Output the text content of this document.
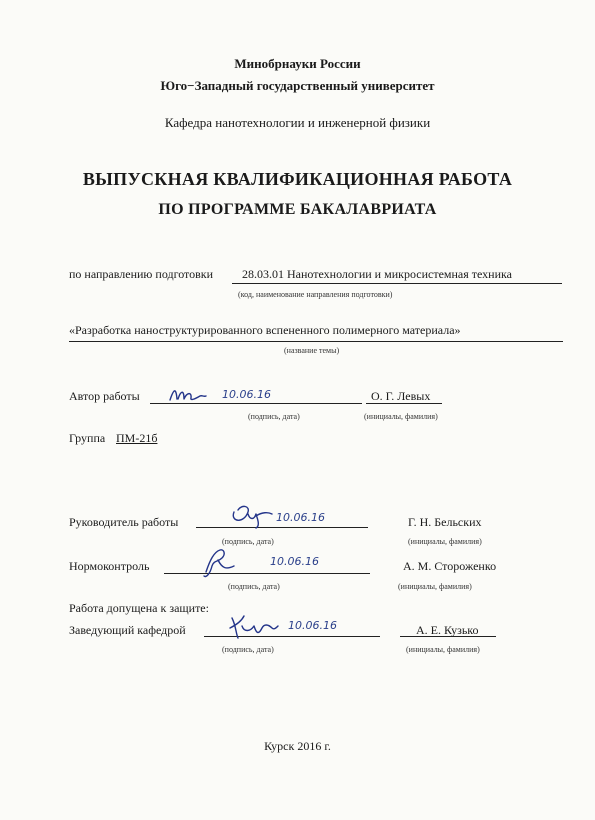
Минобрнауки России
Юго−Западный государственный университет
Кафедра нанотехнологии и инженерной физики
ВЫПУСКНАЯ КВАЛИФИКАЦИОННАЯ РАБОТА
ПО ПРОГРАММЕ БАКАЛАВРИАТА
по направлению подготовки 28.03.01 Нанотехнологии и микросистемная техника
(код, наименование направления подготовки)
«Разработка наноструктурированного вспененного полимерного материала»
(название темы)
Автор работы	10.06.16	О. Г. Левых
(подпись, дата)	(инициалы, фамилия)
Группа ПМ-21б
Руководитель работы	10.06.16	Г. Н. Бельских
(подпись, дата)	(инициалы, фамилия)
Нормоконтроль	10.06.16	А. М. Стороженко
(подпись, дата)	(инициалы, фамилия)
Работа допущена к защите:
Заведующий кафедрой	10.06.16	А. Е. Кузько
(подпись, дата)	(инициалы, фамилия)
Курск 2016 г.
